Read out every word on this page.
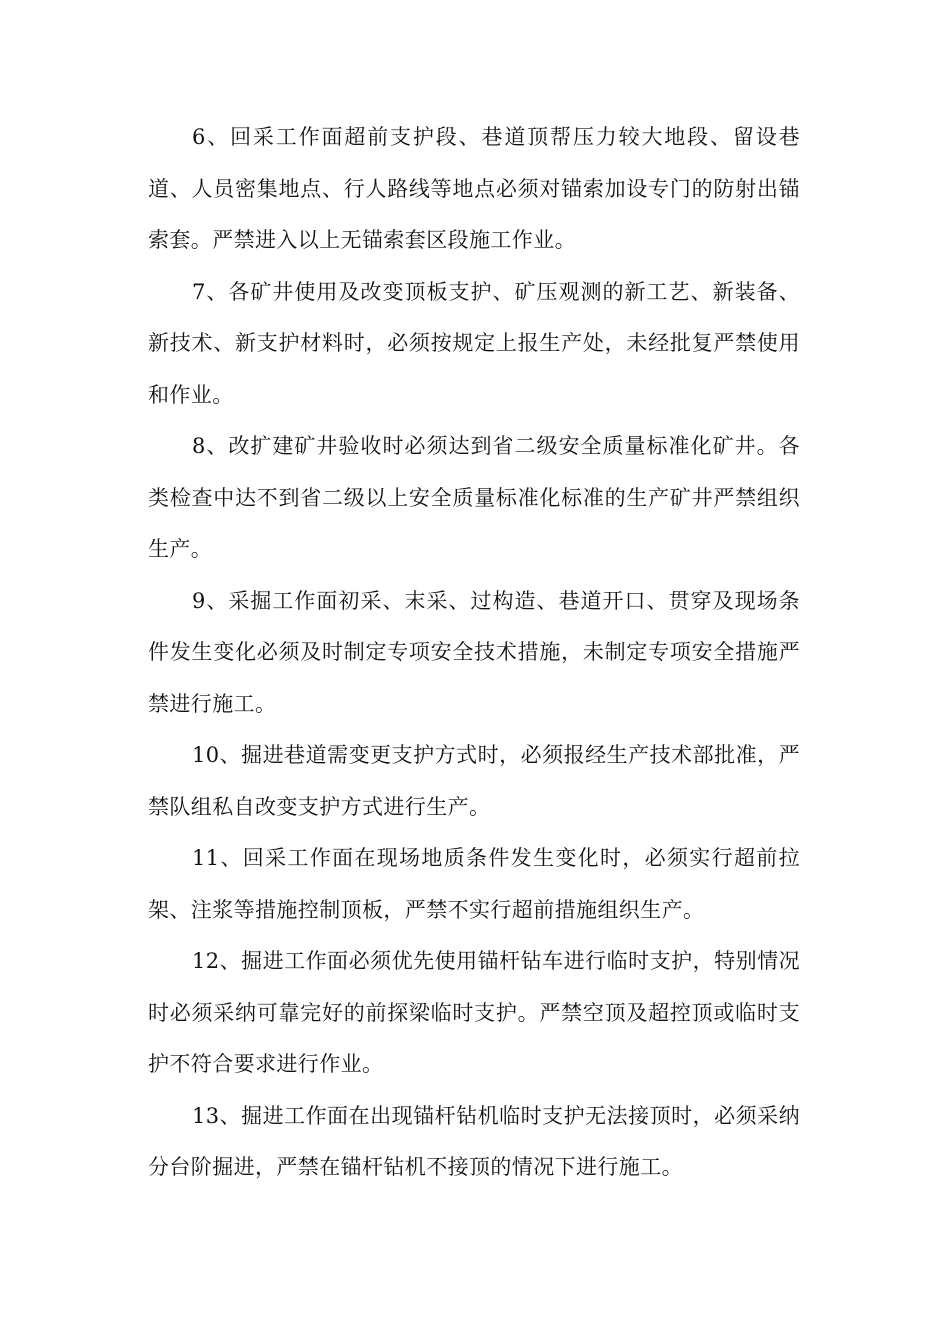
6、回采工作面超前支护段、巷道顶帮压力较大地段、留设巷道、人员密集地点、行人路线等地点必须对锚索加设专门的防射出锚索套。严禁进入以上无锚索套区段施工作业。

7、各矿井使用及改变顶板支护、矿压观测的新工艺、新装备、新技术、新支护材料时，必须按规定上报生产处，未经批复严禁使用和作业。

8、改扩建矿井验收时必须达到省二级安全质量标准化矿井。各类检查中达不到省二级以上安全质量标准化标准的生产矿井严禁组织生产。

9、采掘工作面初采、末采、过构造、巷道开口、贯穿及现场条件发生变化必须及时制定专项安全技术措施，未制定专项安全措施严禁进行施工。

10、掘进巷道需变更支护方式时，必须报经生产技术部批准，严禁队组私自改变支护方式进行生产。

11、回采工作面在现场地质条件发生变化时，必须实行超前拉架、注浆等措施控制顶板，严禁不实行超前措施组织生产。

12、掘进工作面必须优先使用锚杆钻车进行临时支护，特别情况时必须采纳可靠完好的前探梁临时支护。严禁空顶及超控顶或临时支护不符合要求进行作业。

13、掘进工作面在出现锚杆钻机临时支护无法接顶时，必须采纳分台阶掘进，严禁在锚杆钻机不接顶的情况下进行施工。
